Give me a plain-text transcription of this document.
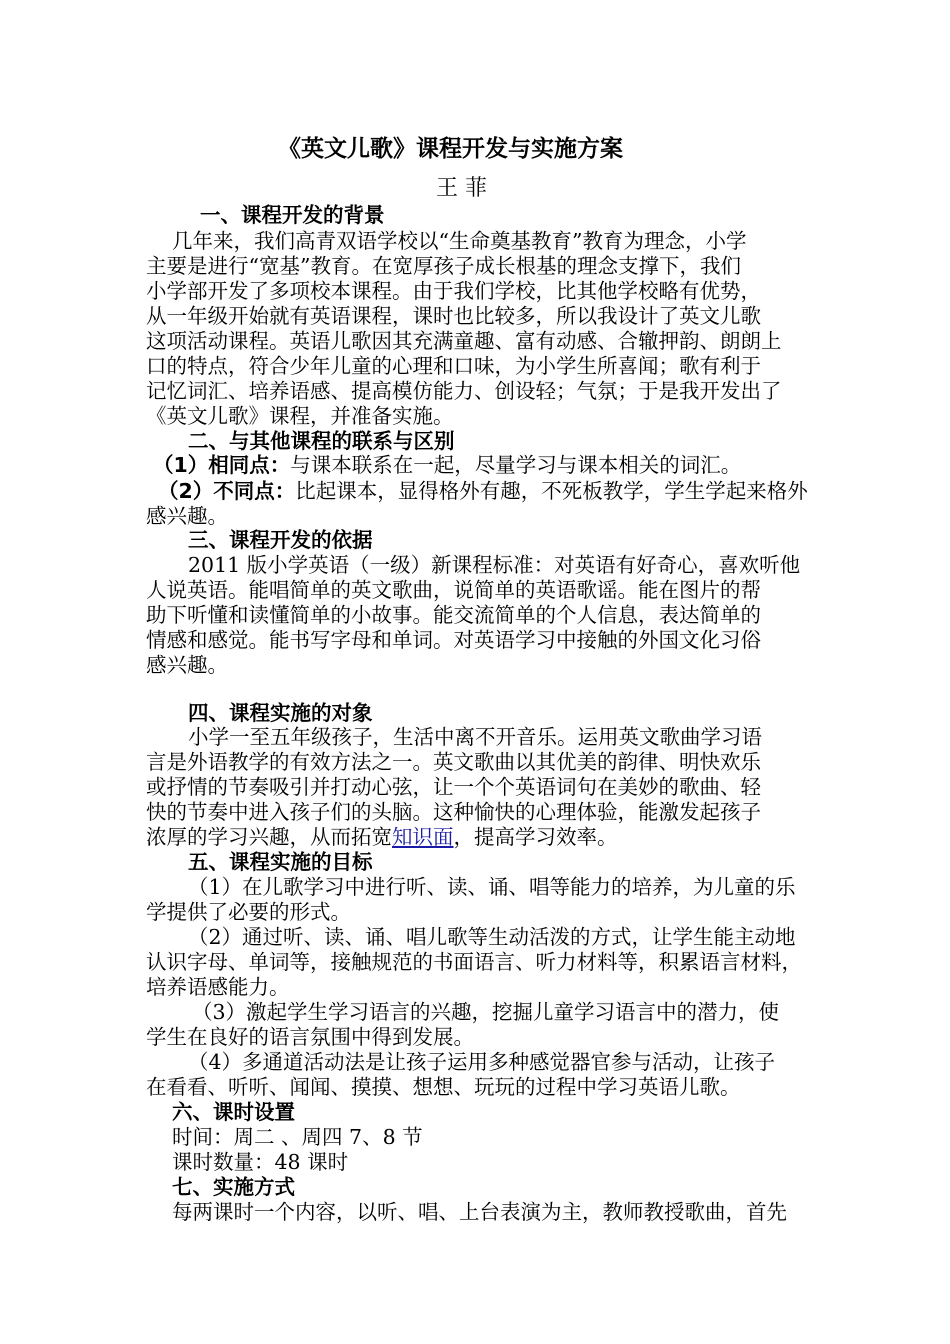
《英文儿歌》课程开发与实施方案
王 菲
一、课程开发的背景
几年来，我们高青双语学校以“生命奠基教育”教育为理念，小学
主要是进行“宽基”教育。在宽厚孩子成长根基的理念支撑下，我们
小学部开发了多项校本课程。由于我们学校，比其他学校略有优势，
从一年级开始就有英语课程，课时也比较多，所以我设计了英文儿歌
这项活动课程。英语儿歌因其充满童趣、富有动感、合辙押韵、朗朗上
口的特点，符合少年儿童的心理和口味，为小学生所喜闻；歌有利于
记忆词汇、培养语感、提高模仿能力、创设轻；气氛；于是我开发出了
《英文儿歌》课程，并准备实施。
二、与其他课程的联系与区别
（1）相同点：与课本联系在一起，尽量学习与课本相关的词汇。
（2）不同点：比起课本，显得格外有趣，不死板教学，学生学起来格外
感兴趣。
三、课程开发的依据
2011 版小学英语（一级）新课程标准：对英语有好奇心，喜欢听他
人说英语。能唱简单的英文歌曲，说简单的英语歌谣。能在图片的帮
助下听懂和读懂简单的小故事。能交流简单的个人信息，表达简单的
情感和感觉。能书写字母和单词。对英语学习中接触的外国文化习俗
感兴趣。
四、课程实施的对象
小学一至五年级孩子，生活中离不开音乐。运用英文歌曲学习语
言是外语教学的有效方法之一。英文歌曲以其优美的韵律、明快欢乐
或抒情的节奏吸引并打动心弦，让一个个英语词句在美妙的歌曲、轻
快的节奏中进入孩子们的头脑。这种愉快的心理体验，能激发起孩子
浓厚的学习兴趣，从而拓宽知识面，提高学习效率。
五、课程实施的目标
（1）在儿歌学习中进行听、读、诵、唱等能力的培养，为儿童的乐
学提供了必要的形式。
（2）通过听、读、诵、唱儿歌等生动活泼的方式，让学生能主动地
认识字母、单词等，接触规范的书面语言、听力材料等，积累语言材料，
培养语感能力。
（3）激起学生学习语言的兴趣，挖掘儿童学习语言中的潜力，使
学生在良好的语言氛围中得到发展。
（4）多通道活动法是让孩子运用多种感觉器官参与活动，让孩子
在看看、听听、闻闻、摸摸、想想、玩玩的过程中学习英语儿歌。
六、课时设置
时间：周二 、周四 7、8 节
课时数量：48 课时
七、实施方式
每两课时一个内容，以听、唱、上台表演为主，教师教授歌曲，首先
